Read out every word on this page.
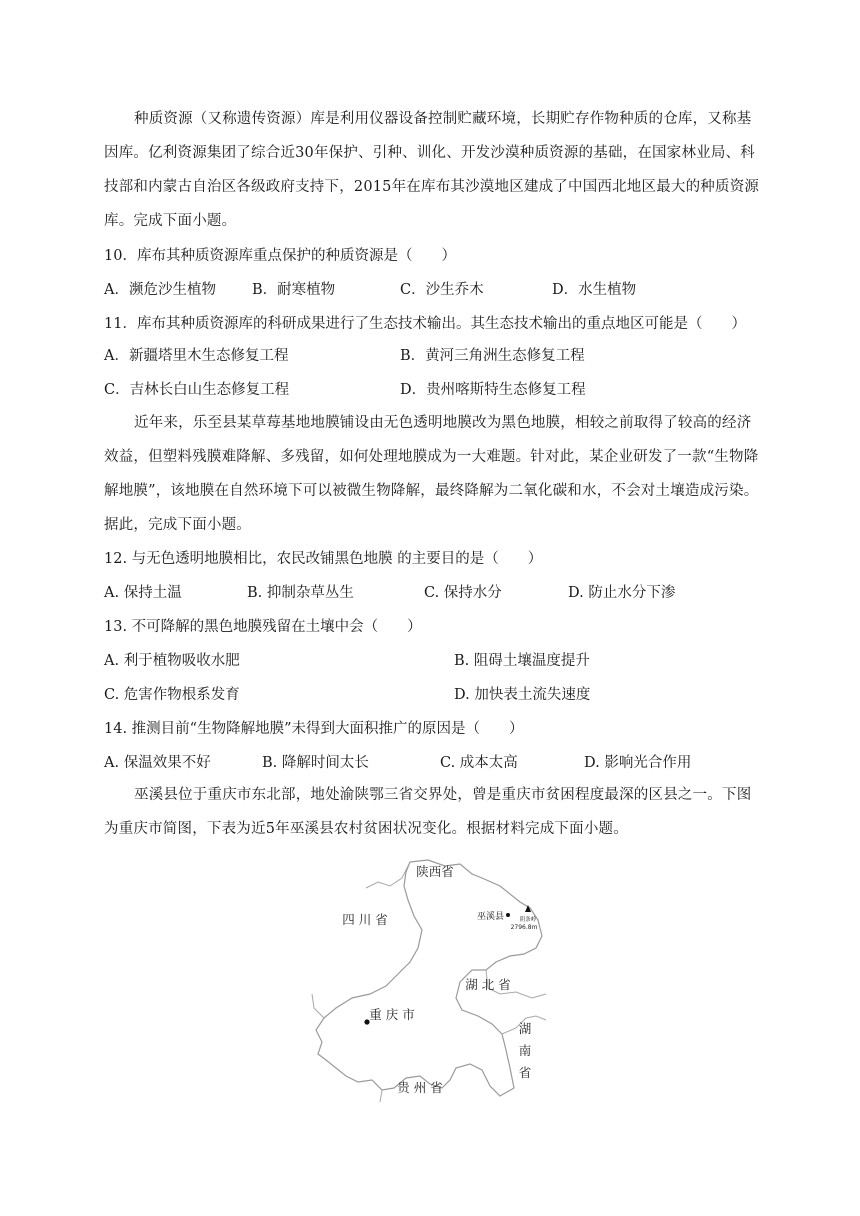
种质资源（又称遗传资源）库是利用仪器设备控制贮藏环境，长期贮存作物种质的仓库，又称基因库。亿利资源集团了综合近30年保护、引种、训化、开发沙漠种质资源的基础，在国家林业局、科技部和内蒙古自治区各级政府支持下，2015年在库布其沙漠地区建成了中国西北地区最大的种质资源库。完成下面小题。

10．库布其种质资源库重点保护的种质资源是（　　）
A．濒危沙生植物 B．耐寒植物	C．沙生乔木	D．水生植物
11．库布其种质资源库的科研成果进行了生态技术输出。其生态技术输出的重点地区可能是（　　）
A．新疆塔里木生态修复工程	B．黄河三角洲生态修复工程
C．吉林长白山生态修复工程	D．贵州喀斯特生态修复工程

近年来，乐至县某草莓基地地膜铺设由无色透明地膜改为黑色地膜，相较之前取得了较高的经济效益，但塑料残膜难降解、多残留，如何处理地膜成为一大难题。针对此，某企业研发了一款“生物降解地膜”，该地膜在自然环境下可以被微生物降解，最终降解为二氧化碳和水，不会对土壤造成污染。据此，完成下面小题。

12. 与无色透明地膜相比，农民改铺黑色地膜 的主要目的是（　　）
A. 保持土温	B. 抑制杂草丛生	C. 保持水分	D. 防止水分下渗
13. 不可降解的黑色地膜残留在土壤中会（　　）
A. 利于植物吸收水肥	B. 阻碍土壤温度提升
C. 危害作物根系发育	D. 加快表土流失速度
14. 推测目前“生物降解地膜”未得到大面积推广的原因是（　　）
A. 保温效果不好	B. 降解时间太长	C. 成本太高	D. 影响光合作用

巫溪县位于重庆市东北部，地处渝陕鄂三省交界处，曾是重庆市贫困程度最深的区县之一。下图为重庆市简图，下表为近5年巫溪县农村贫困状况变化。根据材料完成下面小题。

陕西省
四 川 省	巫溪县	阴条岭
2796.8m
湖 北 省
重 庆 市
湖
南
省
贵 州 省
